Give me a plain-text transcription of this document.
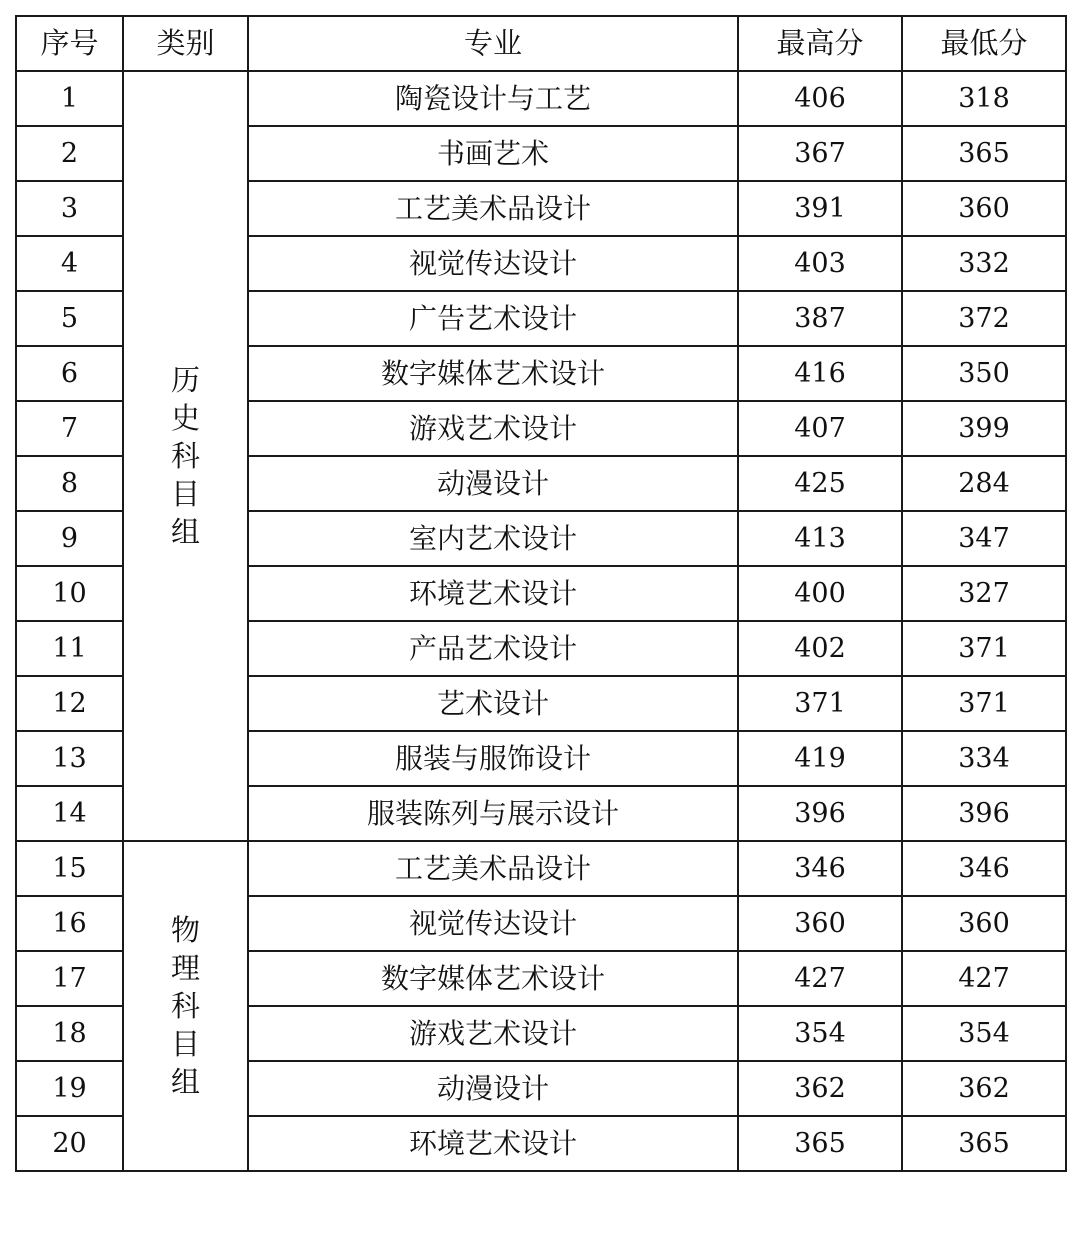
序号	类别	专业	最高分	最低分
1	历史科目组	陶瓷设计与工艺	406	318
2		书画艺术	367	365
3		工艺美术品设计	391	360
4		视觉传达设计	403	332
5		广告艺术设计	387	372
6		数字媒体艺术设计	416	350
7		游戏艺术设计	407	399
8		动漫设计	425	284
9		室内艺术设计	413	347
10		环境艺术设计	400	327
11		产品艺术设计	402	371
12		艺术设计	371	371
13		服装与服饰设计	419	334
14		服装陈列与展示设计	396	396
15	物理科目组	工艺美术品设计	346	346
16		视觉传达设计	360	360
17		数字媒体艺术设计	427	427
18		游戏艺术设计	354	354
19		动漫设计	362	362
20		环境艺术设计	365	365
